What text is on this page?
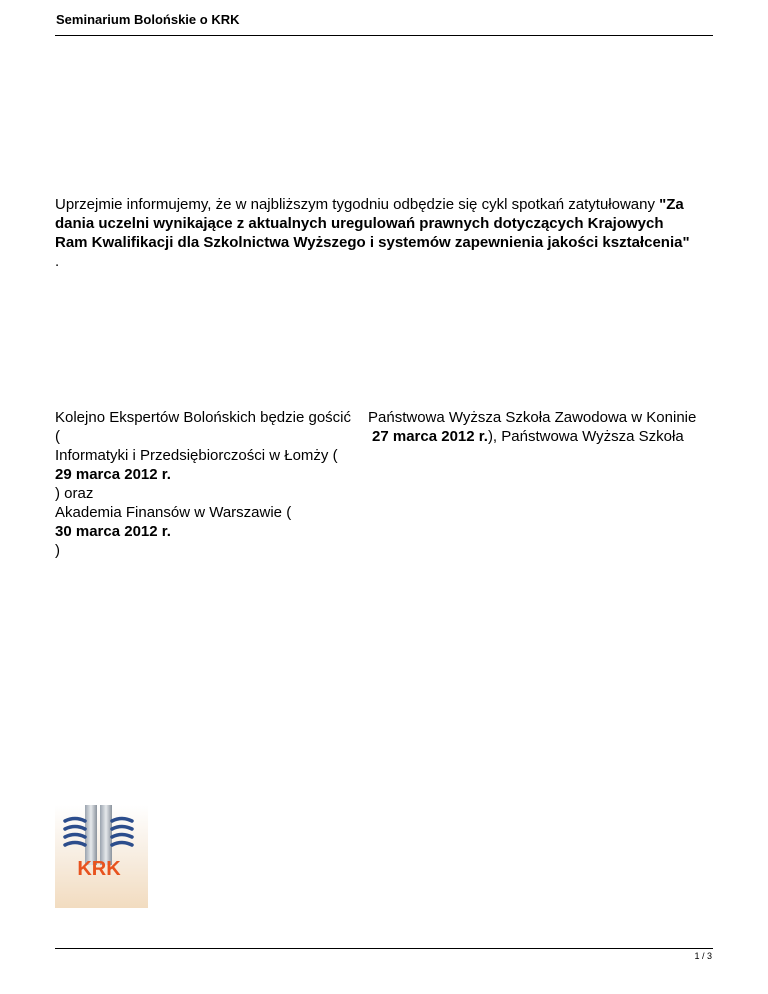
Seminarium Bolońskie o KRK
Uprzejmie informujemy, że w najbliższym tygodniu odbędzie się cykl spotkań zatytułowany "Za
dania uczelni wynikające z aktualnych uregulowań prawnych dotyczących Krajowych
Ram Kwalifikacji dla Szkolnictwa Wyższego i systemów zapewnienia jakości kształcenia"
.
Kolejno Ekspertów Bolońskich będzie gościć Państwowa Wyższa Szkoła Zawodowa w Koninie
(	27 marca 2012 r.), Państwowa Wyższa Szkoła
Informatyki i Przedsiębiorczości w Łomży (
29 marca 2012 r.
) oraz
Akademia Finansów w Warszawie (
30 marca 2012 r.
)
KRK
1 / 3
